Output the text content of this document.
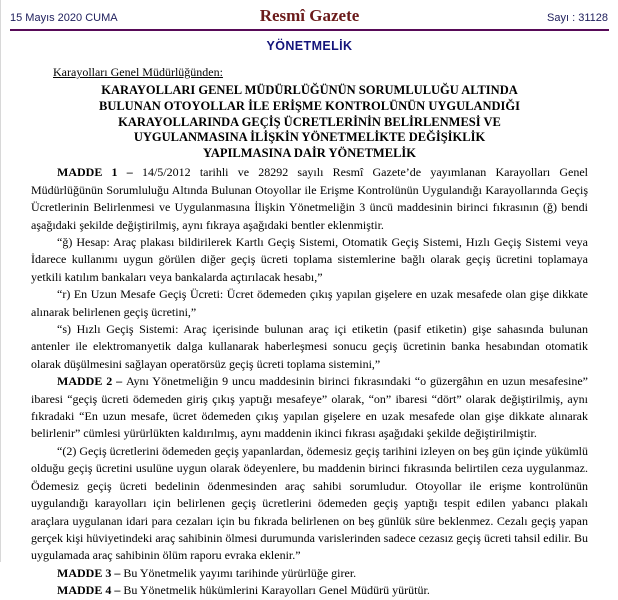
15 Mayıs 2020 CUMA	Resmî Gazete	Sayı : 31128
YÖNETMELİK
Karayolları Genel Müdürlüğünden:
KARAYOLLARI GENEL MÜDÜRLÜĞÜNÜN SORUMLULUĞU ALTINDA
BULUNAN OTOYOLLAR İLE ERİŞME KONTROLÜNÜN UYGULANDIĞI
KARAYOLLARINDA GEÇİŞ ÜCRETLERİNİN BELİRLENMESİ VE
UYGULANMASINA İLİŞKİN YÖNETMELİKTE DEĞİŞİKLİK
YAPILMASINA DAİR YÖNETMELİK

MADDE 1 – 14/5/2012 tarihli ve 28292 sayılı Resmî Gazete’de yayımlanan Karayolları Genel Müdürlüğünün Sorumluluğu Altında Bulunan Otoyollar ile Erişme Kontrolünün Uygulandığı Karayollarında Geçiş Ücretlerinin Belirlenmesi ve Uygulanmasına İlişkin Yönetmeliğin 3 üncü maddesinin birinci fıkrasının (ğ) bendi aşağıdaki şekilde değiştirilmiş, aynı fıkraya aşağıdaki bentler eklenmiştir.

“ğ) Hesap: Araç plakası bildirilerek Kartlı Geçiş Sistemi, Otomatik Geçiş Sistemi, Hızlı Geçiş Sistemi veya İdarece kullanımı uygun görülen diğer geçiş ücreti toplama sistemlerine bağlı olarak geçiş ücretini toplamaya yetkili katılım bankaları veya bankalarda açtırılacak hesabı,”

“r) En Uzun Mesafe Geçiş Ücreti: Ücret ödemeden çıkış yapılan gişelere en uzak mesafede olan gişe dikkate alınarak belirlenen geçiş ücretini,”

“s) Hızlı Geçiş Sistemi: Araç içerisinde bulunan araç içi etiketin (pasif etiketin) gişe sahasında bulunan antenler ile elektromanyetik dalga kullanarak haberleşmesi sonucu geçiş ücretinin banka hesabından otomatik olarak düşülmesini sağlayan operatörsüz geçiş ücreti toplama sistemini,”

MADDE 2 – Aynı Yönetmeliğin 9 uncu maddesinin birinci fıkrasındaki “o güzergâhın en uzun mesafesine” ibaresi “geçiş ücreti ödemeden giriş çıkış yaptığı mesafeye” olarak, “on” ibaresi “dört” olarak değiştirilmiş, aynı fıkradaki “En uzun mesafe, ücret ödemeden çıkış yapılan gişelere en uzak mesafede olan gişe dikkate alınarak belirlenir” cümlesi yürürlükten kaldırılmış, aynı maddenin ikinci fıkrası aşağıdaki şekilde değiştirilmiştir.

“(2) Geçiş ücretlerini ödemeden geçiş yapanlardan, ödemesiz geçiş tarihini izleyen on beş gün içinde yükümlü olduğu geçiş ücretini usulüne uygun olarak ödeyenlere, bu maddenin birinci fıkrasında belirtilen ceza uygulanmaz. Ödemesiz geçiş ücreti bedelinin ödenmesinden araç sahibi sorumludur. Otoyollar ile erişme kontrolünün uygulandığı karayolları için belirlenen geçiş ücretlerini ödemeden geçiş yaptığı tespit edilen yabancı plakalı araçlara uygulanan idari para cezaları için bu fıkrada belirlenen on beş günlük süre beklenmez. Cezalı geçiş yapan gerçek kişi hüviyetindeki araç sahibinin ölmesi durumunda varislerinden sadece cezasız geçiş ücreti tahsil edilir. Bu uygulamada araç sahibinin ölüm raporu evraka eklenir.”

MADDE 3 – Bu Yönetmelik yayımı tarihinde yürürlüğe girer.

MADDE 4 – Bu Yönetmelik hükümlerini Karayolları Genel Müdürü yürütür.
